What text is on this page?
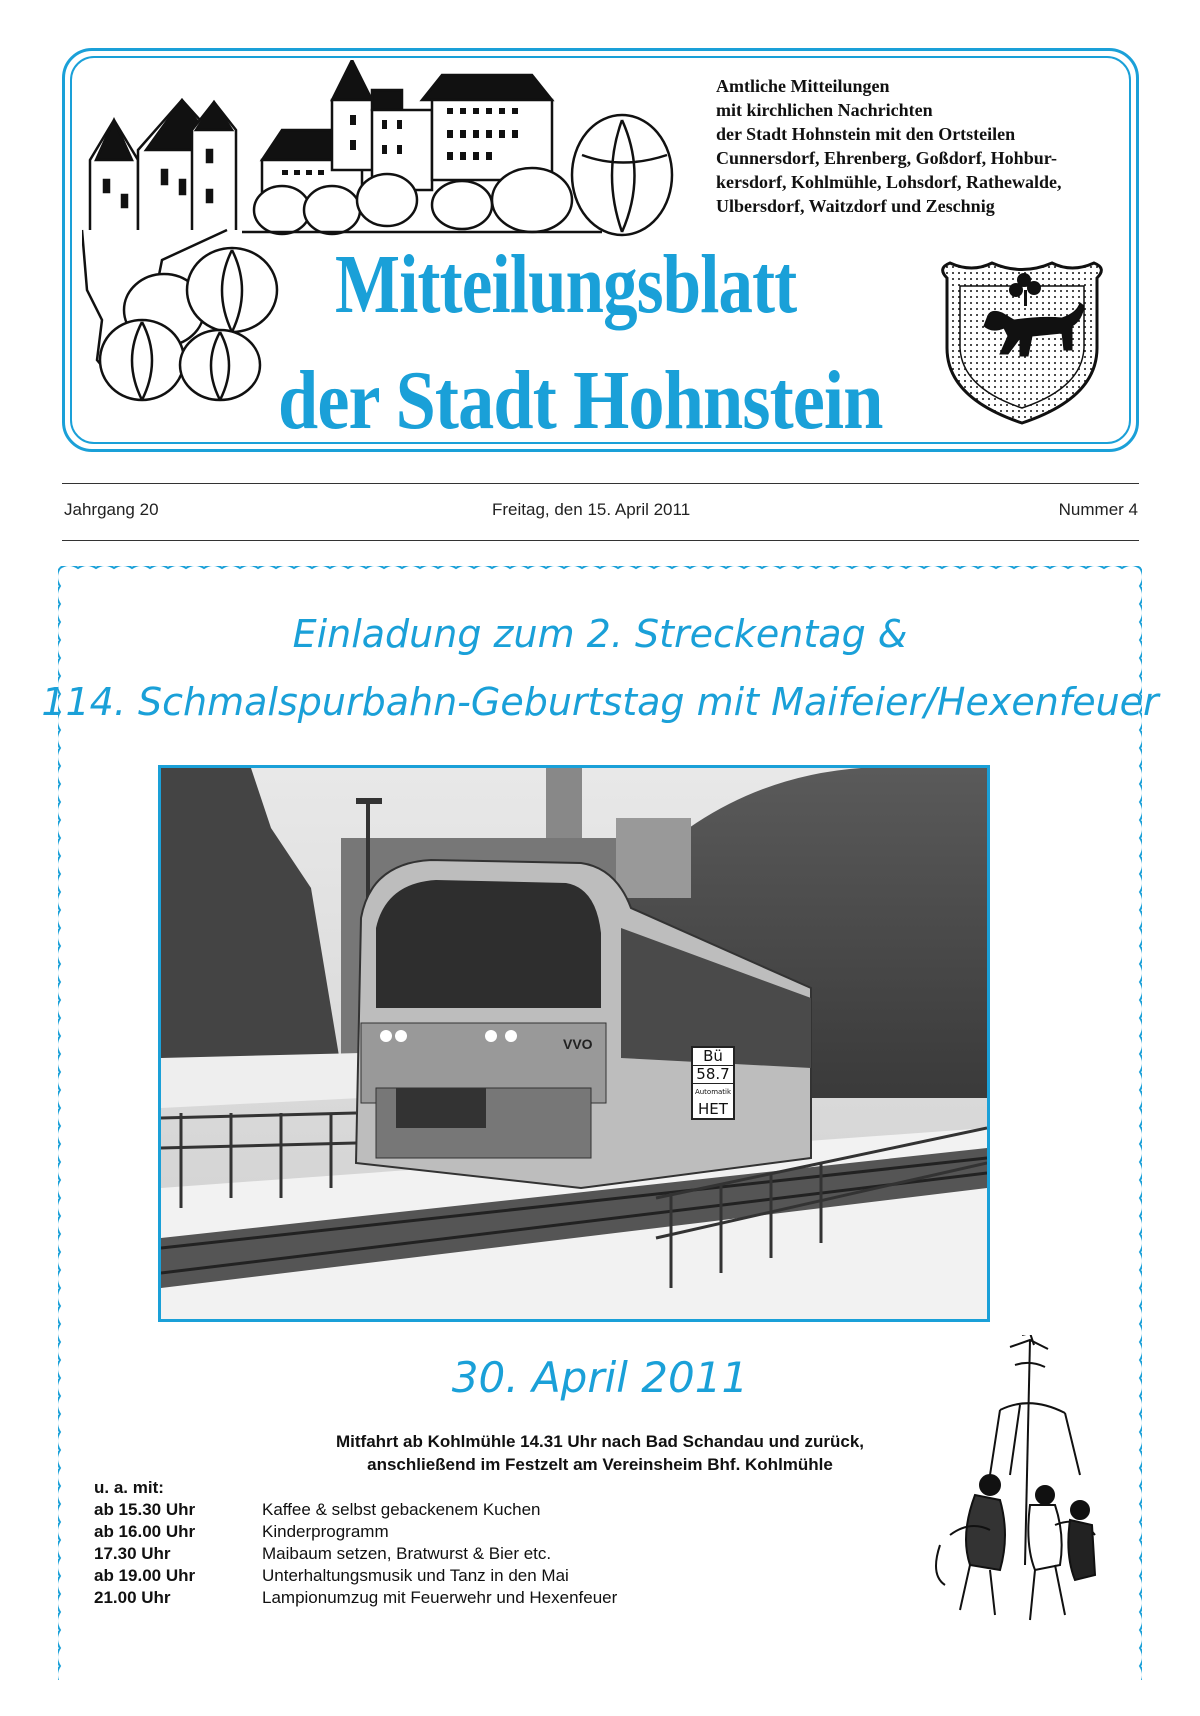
Amtliche Mitteilungen
mit kirchlichen Nachrichten
der Stadt Hohnstein mit den Ortsteilen
Cunnersdorf, Ehrenberg, Goßdorf, Hohbur-
kersdorf, Kohlmühle, Lohsdorf, Rathewalde,
Ulbersdorf, Waitzdorf und Zeschnig
Mitteilungsblatt
der Stadt Hohnstein
Jahrgang 20	Freitag, den 15. April 2011	Nummer 4
Einladung zum 2. Streckentag &
114. Schmalspurbahn-Geburtstag mit Maifeier/Hexenfeuer
Bü
58.7
Automatik
HET
VVO
30. April 2011
Mitfahrt ab Kohlmühle 14.31 Uhr nach Bad Schandau und zurück,
anschließend im Festzelt am Vereinsheim Bhf. Kohlmühle
u. a. mit:
ab 15.30 Uhr	Kaffee & selbst gebackenem Kuchen
ab 16.00 Uhr	Kinderprogramm
17.30 Uhr	Maibaum setzen, Bratwurst & Bier etc.
ab 19.00 Uhr	Unterhaltungsmusik und Tanz in den Mai
21.00 Uhr	Lampionumzug mit Feuerwehr und Hexenfeuer
